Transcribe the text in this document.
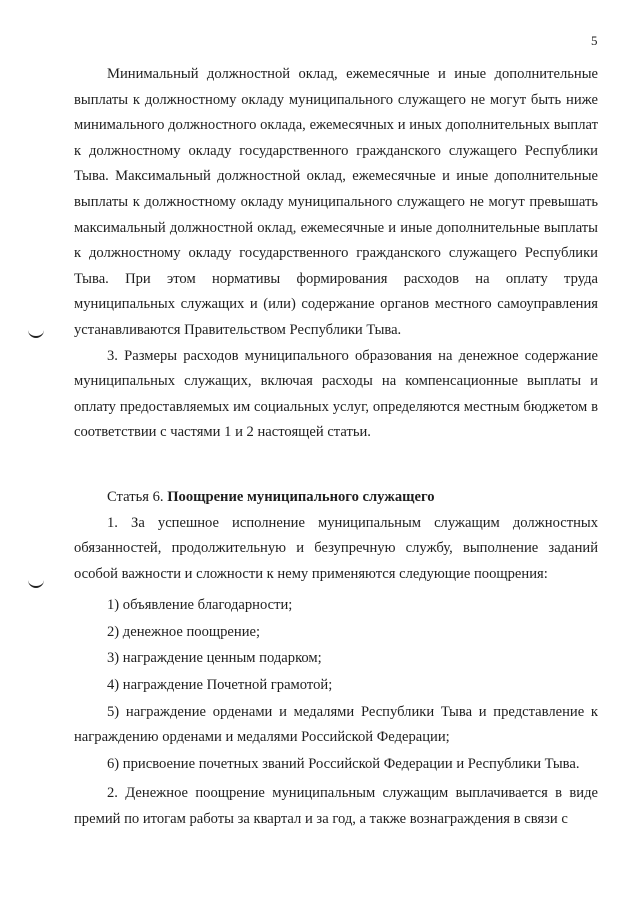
5

Минимальный должностной оклад, ежемесячные и иные дополнительные выплаты к должностному окладу муниципального служащего не могут быть ниже минимального должностного оклада, ежемесячных и иных дополнительных выплат к должностному окладу государственного гражданского служащего Республики Тыва. Максимальный должностной оклад, ежемесячные и иные дополнительные выплаты к должностному окладу муниципального служащего не могут превышать максимальный должностной оклад, ежемесячные и иные дополнительные выплаты к должностному окладу государственного гражданского служащего Республики Тыва. При этом нормативы формирования расходов на оплату труда муниципальных служащих и (или) содержание органов местного самоуправления устанавливаются Правительством Республики Тыва.

3. Размеры расходов муниципального образования на денежное содержание муниципальных служащих, включая расходы на компенсационные выплаты и оплату предоставляемых им социальных услуг, определяются местным бюджетом в соответствии с частями 1 и 2 настоящей статьи.

Статья 6. Поощрение муниципального служащего

1. За успешное исполнение муниципальным служащим должностных обязанностей, продолжительную и безупречную службу, выполнение заданий особой важности и сложности к нему применяются следующие поощрения:

1) объявление благодарности;

2) денежное поощрение;

3) награждение ценным подарком;

4) награждение Почетной грамотой;

5) награждение орденами и медалями Республики Тыва и представление к награждению орденами и медалями Российской Федерации;

6) присвоение почетных званий Российской Федерации и Республики Тыва.

2. Денежное поощрение муниципальным служащим выплачивается в виде премий по итогам работы за квартал и за год, а также вознаграждения в связи с
